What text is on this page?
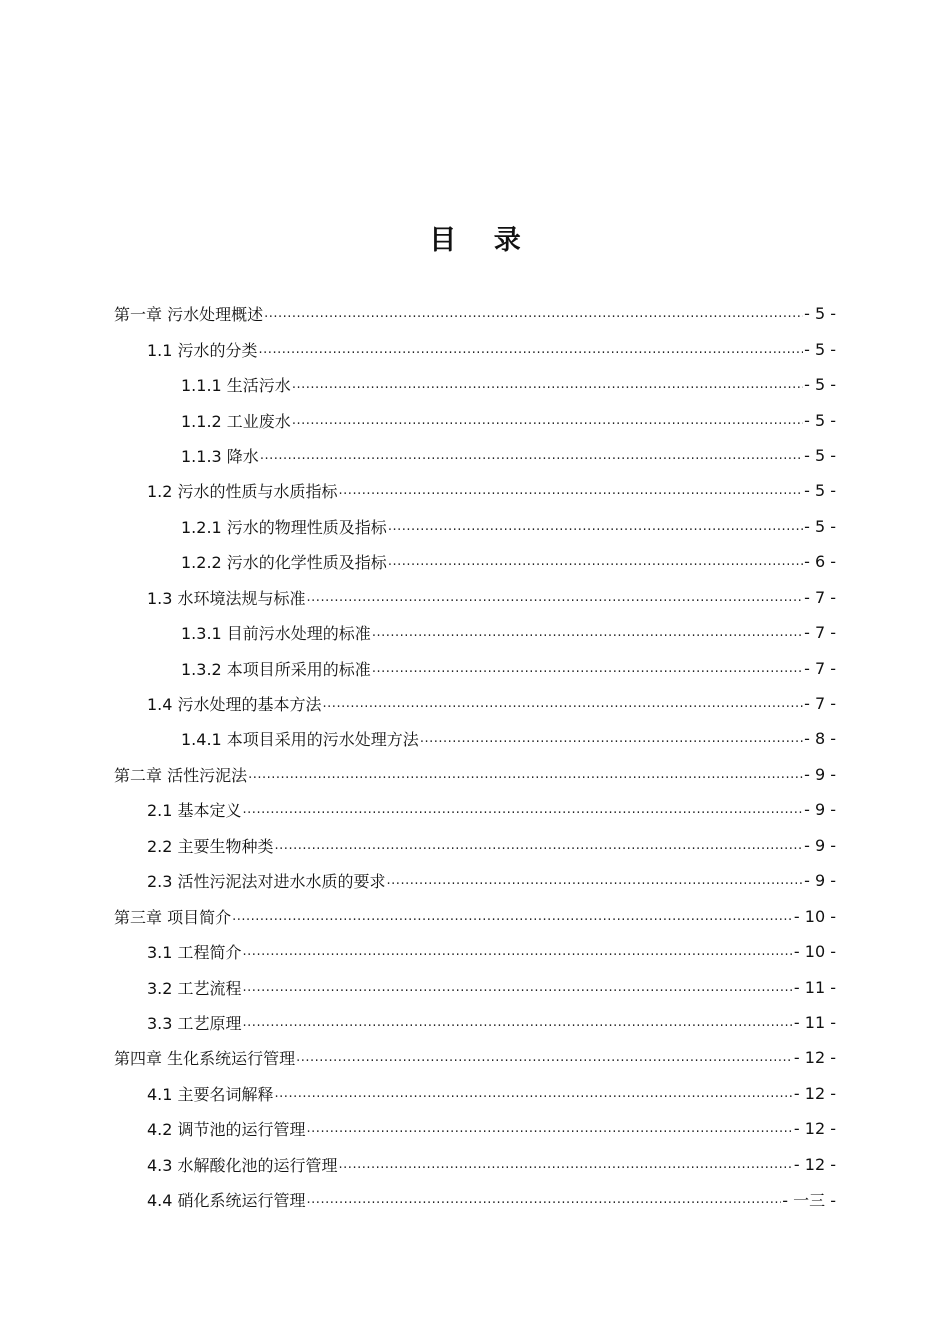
目 录
第一章 污水处理概述 .....	- 5 -
1.1 污水的分类 .....	- 5 -
1.1.1 生活污水 .....	- 5 -
1.1.2 工业废水 .....	- 5 -
1.1.3 降水 .....	- 5 -
1.2 污水的性质与水质指标 .....	- 5 -
1.2.1 污水的物理性质及指标 .....	- 5 -
1.2.2 污水的化学性质及指标 .....	- 6 -
1.3 水环境法规与标准 .....	- 7 -
1.3.1 目前污水处理的标准 .....	- 7 -
1.3.2 本项目所采用的标准 .....	- 7 -
1.4 污水处理的基本方法 .....	- 7 -
1.4.1 本项目采用的污水处理方法 .....	- 8 -
第二章 活性污泥法 .....	- 9 -
2.1 基本定义 .....	- 9 -
2.2 主要生物种类 .....	- 9 -
2.3 活性污泥法对进水水质的要求 .....	- 9 -
第三章 项目简介 .....	- 10 -
3.1 工程简介 .....	- 10 -
3.2 工艺流程 .....	- 11 -
3.3 工艺原理 .....	- 11 -
第四章 生化系统运行管理 .....	- 12 -
4.1 主要名词解释 .....	- 12 -
4.2 调节池的运行管理 .....	- 12 -
4.3 水解酸化池的运行管理 .....	- 12 -
4.4 硝化系统运行管理 .....	- 一三 -
